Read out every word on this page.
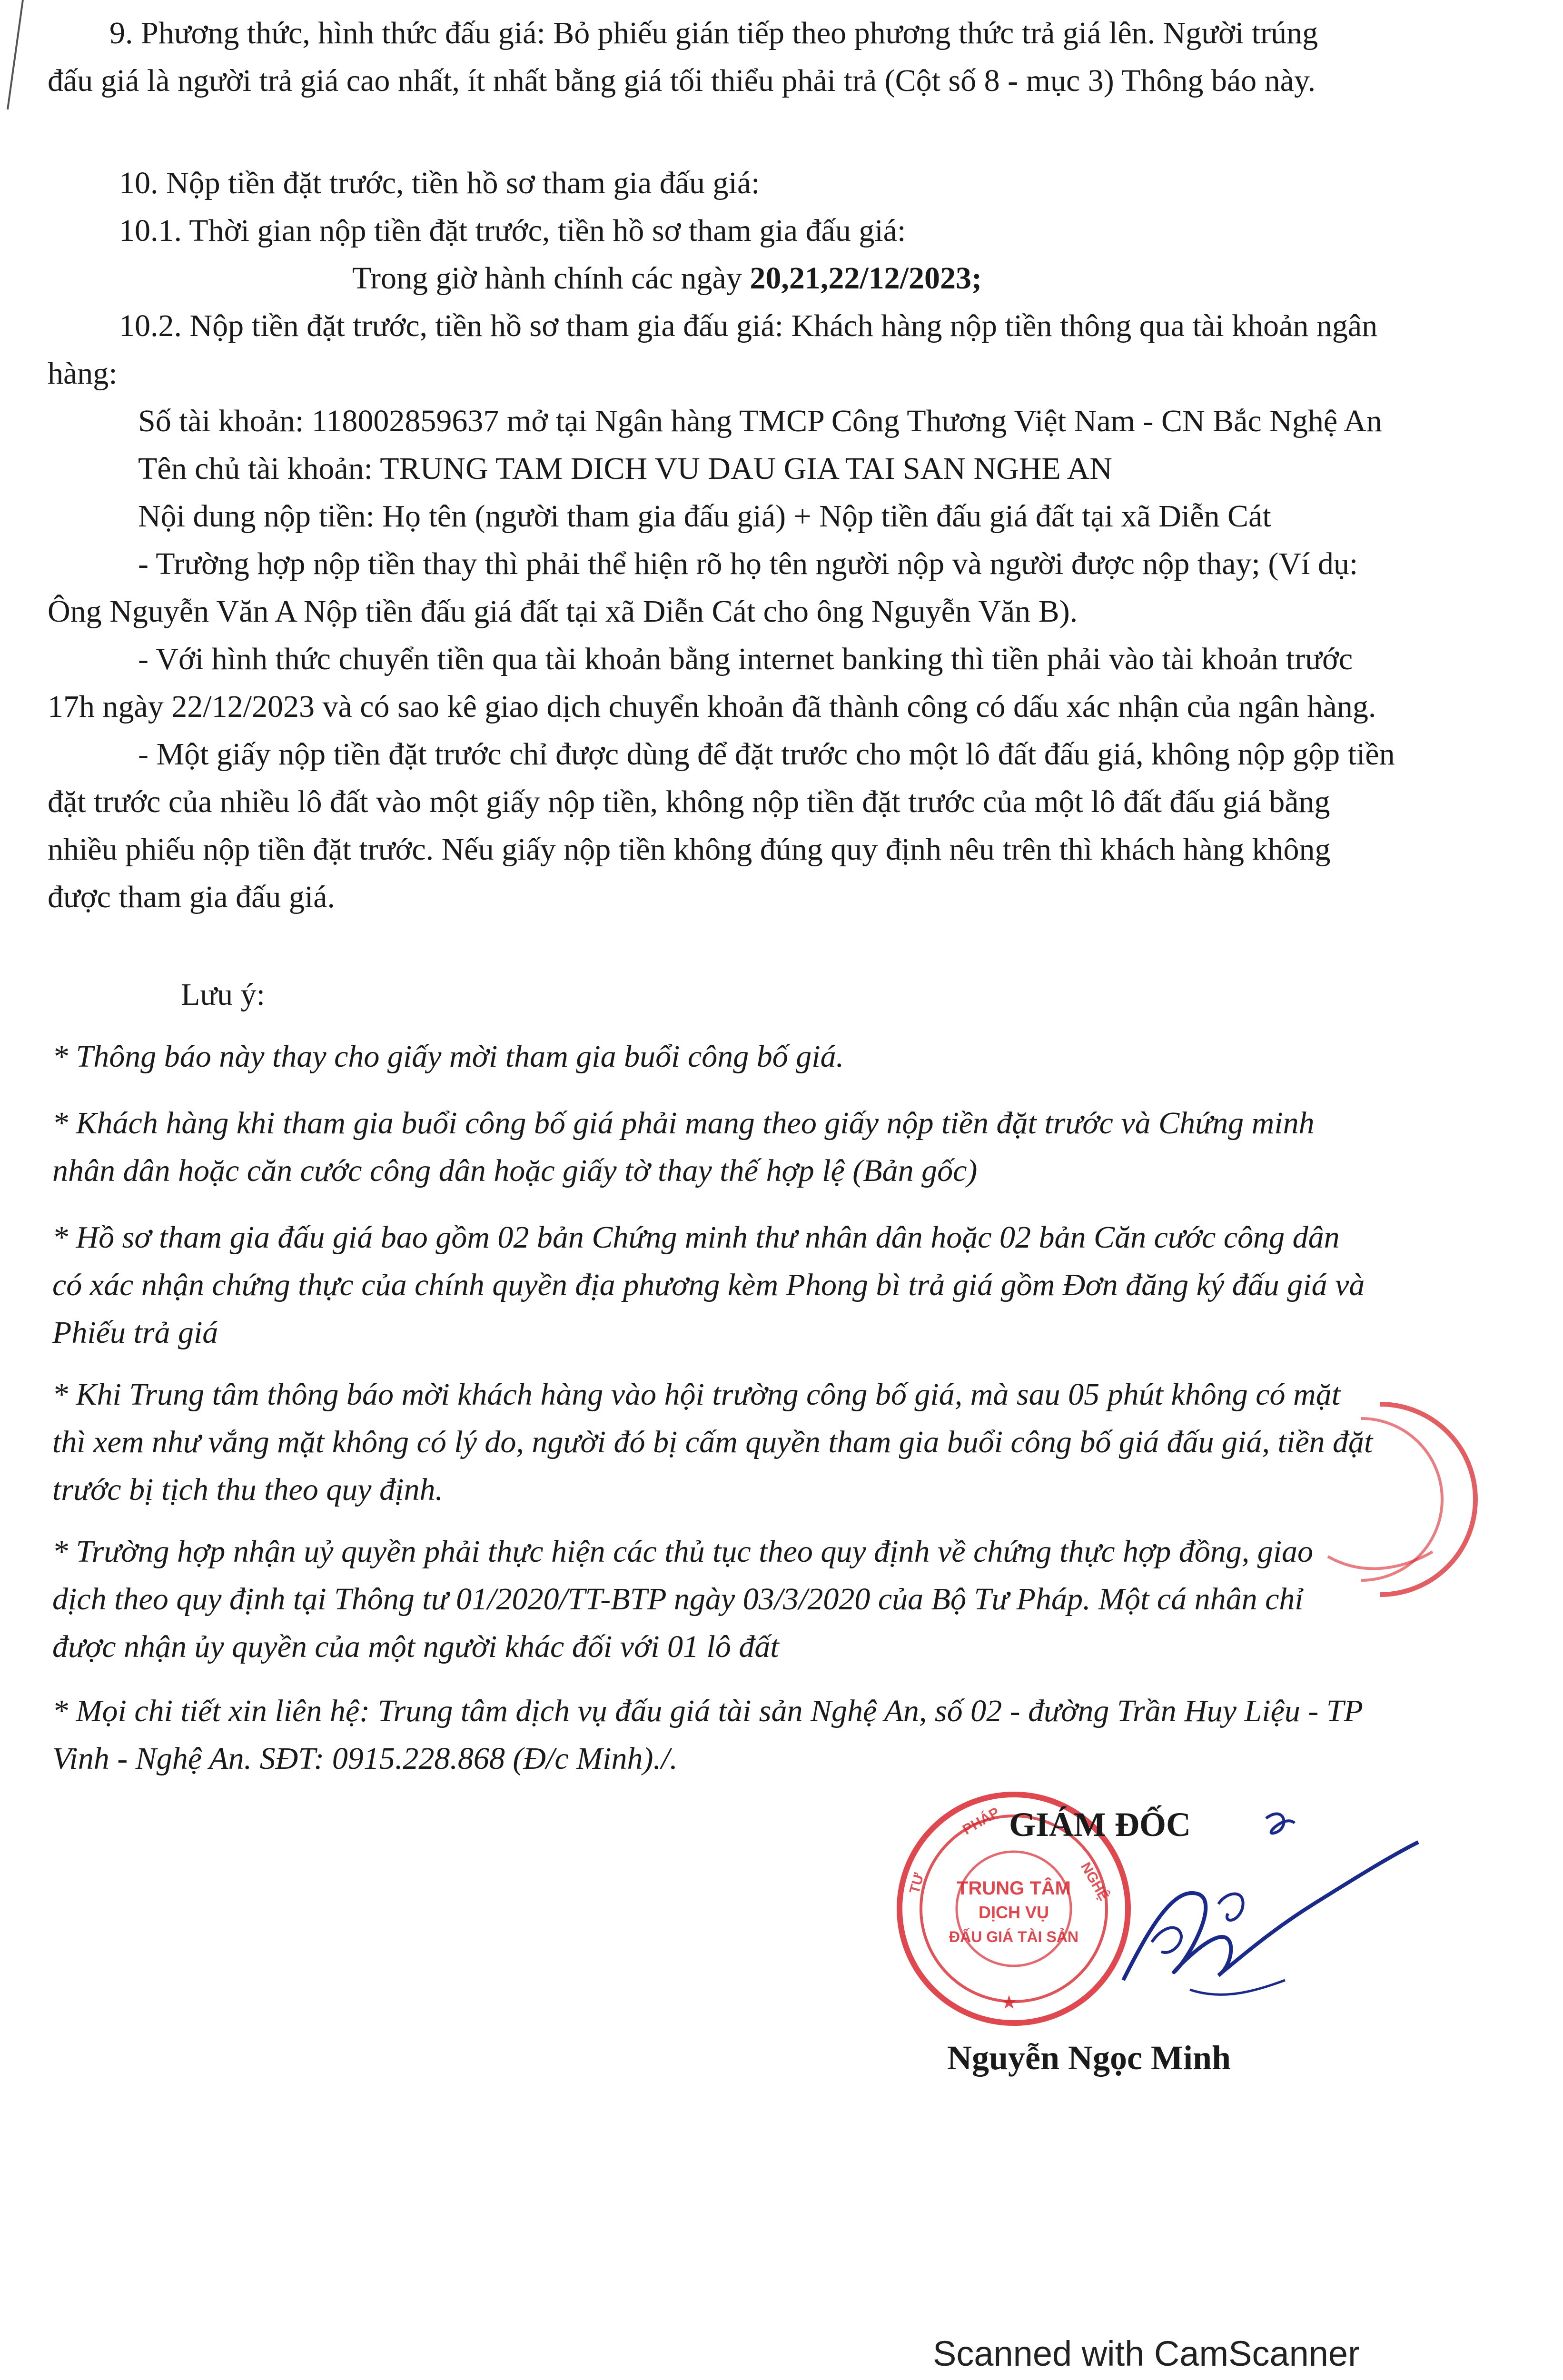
9. Phương thức, hình thức đấu giá: Bỏ phiếu gián tiếp theo phương thức trả giá lên. Người trúng
đấu giá là người trả giá cao nhất, ít nhất bằng giá tối thiểu phải trả (Cột số 8 - mục 3) Thông báo này.
10. Nộp tiền đặt trước, tiền hồ sơ tham gia đấu giá:
10.1. Thời gian nộp tiền đặt trước, tiền hồ sơ tham gia đấu giá:
Trong giờ hành chính các ngày 20,21,22/12/2023;
10.2. Nộp tiền đặt trước, tiền hồ sơ tham gia đấu giá: Khách hàng nộp tiền thông qua tài khoản ngân
hàng:
Số tài khoản: 118002859637 mở tại Ngân hàng TMCP Công Thương Việt Nam - CN Bắc Nghệ An
Tên chủ tài khoản: TRUNG TAM DICH VU DAU GIA TAI SAN NGHE AN
Nội dung nộp tiền: Họ tên (người tham gia đấu giá) + Nộp tiền đấu giá đất tại xã Diễn Cát
- Trường hợp nộp tiền thay thì phải thể hiện rõ họ tên người nộp và người được nộp thay; (Ví dụ:
Ông Nguyễn Văn A Nộp tiền đấu giá đất tại xã Diễn Cát cho ông Nguyễn Văn B).
- Với hình thức chuyển tiền qua tài khoản bằng internet banking thì tiền phải vào tài khoản trước
17h ngày 22/12/2023 và có sao kê giao dịch chuyển khoản đã thành công có dấu xác nhận của ngân hàng.
- Một giấy nộp tiền đặt trước chỉ được dùng để đặt trước cho một lô đất đấu giá, không nộp gộp tiền
đặt trước của nhiều lô đất vào một giấy nộp tiền, không nộp tiền đặt trước của một lô đất đấu giá bằng
nhiều phiếu nộp tiền đặt trước. Nếu giấy nộp tiền không đúng quy định nêu trên thì khách hàng không
được tham gia đấu giá.
Lưu ý:
* Thông báo này thay cho giấy mời tham gia buổi công bố giá.
* Khách hàng khi tham gia buổi công bố giá phải mang theo giấy nộp tiền đặt trước và Chứng minh
nhân dân hoặc căn cước công dân hoặc giấy tờ thay thế hợp lệ (Bản gốc)
* Hồ sơ tham gia đấu giá bao gồm 02 bản Chứng minh thư nhân dân hoặc 02 bản Căn cước công dân
có xác nhận chứng thực của chính quyền địa phương kèm Phong bì trả giá gồm Đơn đăng ký đấu giá và
Phiếu trả giá
* Khi Trung tâm thông báo mời khách hàng vào hội trường công bố giá, mà sau 05 phút không có mặt
thì xem như vắng mặt không có lý do, người đó bị cấm quyền tham gia buổi công bố giá đấu giá, tiền đặt
trước bị tịch thu theo quy định.
* Trường hợp nhận uỷ quyền phải thực hiện các thủ tục theo quy định về chứng thực hợp đồng, giao
dịch theo quy định tại Thông tư 01/2020/TT-BTP ngày 03/3/2020 của Bộ Tư Pháp. Một cá nhân chỉ
được nhận ủy quyền của một người khác đối với 01 lô đất
* Mọi chi tiết xin liên hệ: Trung tâm dịch vụ đấu giá tài sản Nghệ An, số 02 - đường Trần Huy Liệu - TP
Vinh - Nghệ An. SĐT: 0915.228.868 (Đ/c Minh)./.
TRUNG TÂM
DỊCH VỤ
ĐẤU GIÁ TÀI SẢN
PHÁP
NGHỆ
TƯ
★
GIÁM ĐỐC
Nguyễn Ngọc Minh
Scanned with CamScanner
